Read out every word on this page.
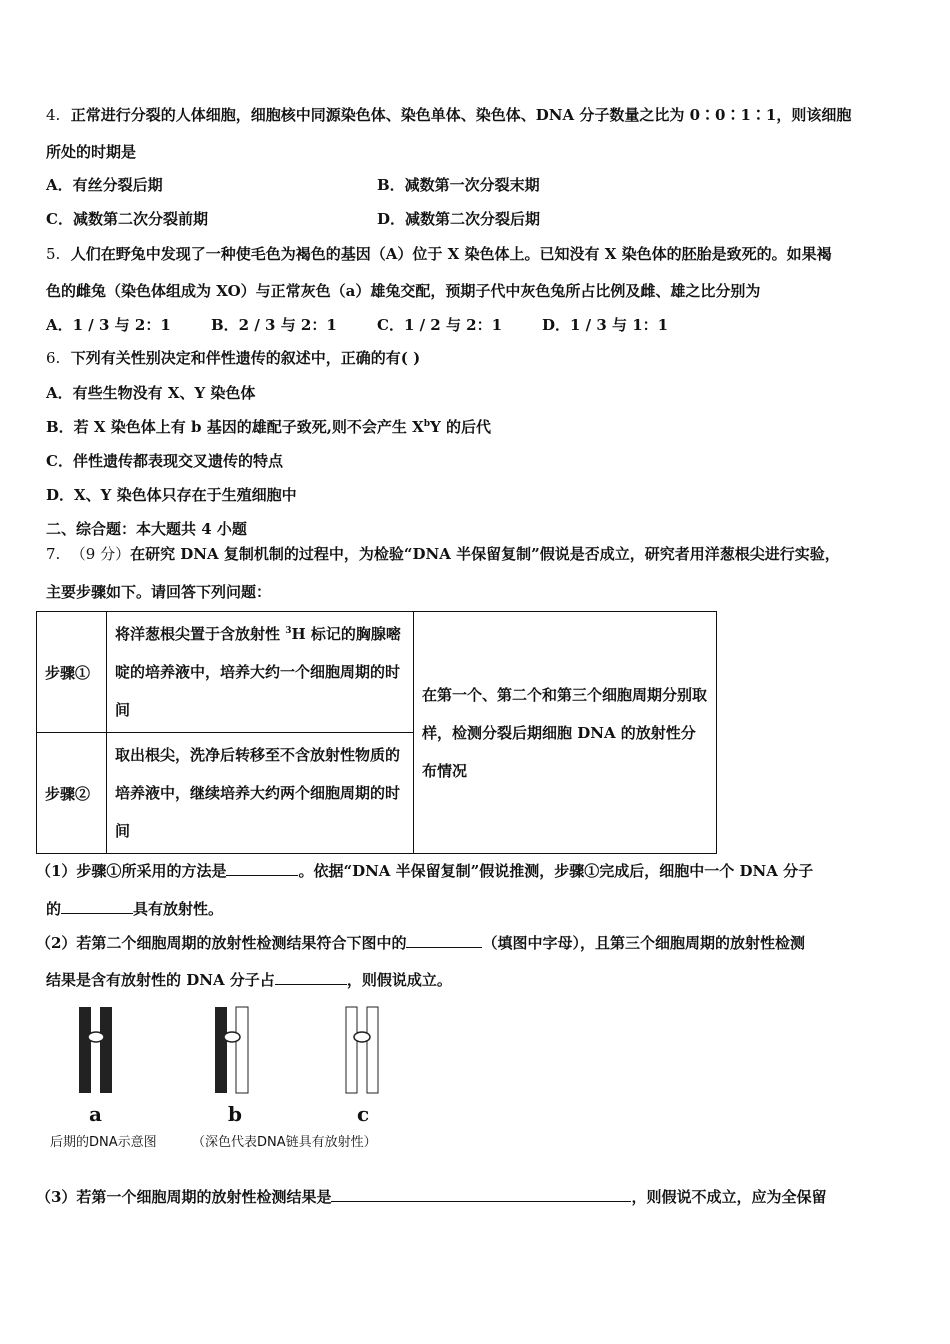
4. 正常进行分裂的人体细胞，细胞核中同源染色体、染色单体、染色体、DNA 分子数量之比为 0∶0∶1∶1，则该细胞
所处的时期是
A．有丝分裂后期	B．减数第一次分裂末期
C．减数第二次分裂前期	D．减数第二次分裂后期
5. 人们在野兔中发现了一种使毛色为褐色的基因（A）位于 X 染色体上。已知没有 X 染色体的胚胎是致死的。如果褐
色的雌兔（染色体组成为 XO）与正常灰色（a）雄兔交配，预期子代中灰色兔所占比例及雌、雄之比分别为
A．1 / 3 与 2：1	B．2 / 3 与 2：1	C．1 / 2 与 2：1	D．1 / 3 与 1：1
6. 下列有关性别决定和伴性遗传的叙述中，正确的有( )
A．有些生物没有 X、Y 染色体
B．若 X 染色体上有 b 基因的雄配子致死,则不会产生 $X^bY$ 的后代
C．伴性遗传都表现交叉遗传的特点
D．X、Y 染色体只存在于生殖细胞中
二、综合题：本大题共 4 小题
7. （9 分）在研究 DNA 复制机制的过程中，为检验“DNA 半保留复制”假说是否成立，研究者用洋葱根尖进行实验，
主要步骤如下。请回答下列问题：
步骤①	将洋葱根尖置于含放射性 $^3$H 标记的胸腺嘧啶的培养液中，培养大约一个细胞周期的时间	在第一个、第二个和第三个细胞周期分别取样，检测分裂后期细胞 DNA 的放射性分布情况
步骤②	取出根尖，洗净后转移至不含放射性物质的培养液中，继续培养大约两个细胞周期的时间	
（1）步骤①所采用的方法是	。依据“DNA 半保留复制”假说推测，步骤①完成后，细胞中一个 DNA 分子
的	具有放射性。
（2）若第二个细胞周期的放射性检测结果符合下图中的	（填图中字母），且第三个细胞周期的放射性检测
结果是含有放射性的 DNA 分子占	，则假说成立。
a	b	c
后期的DNA示意图	（深色代表DNA链具有放射性）
（3）若第一个细胞周期的放射性检测结果是	，则假说不成立，应为全保留
